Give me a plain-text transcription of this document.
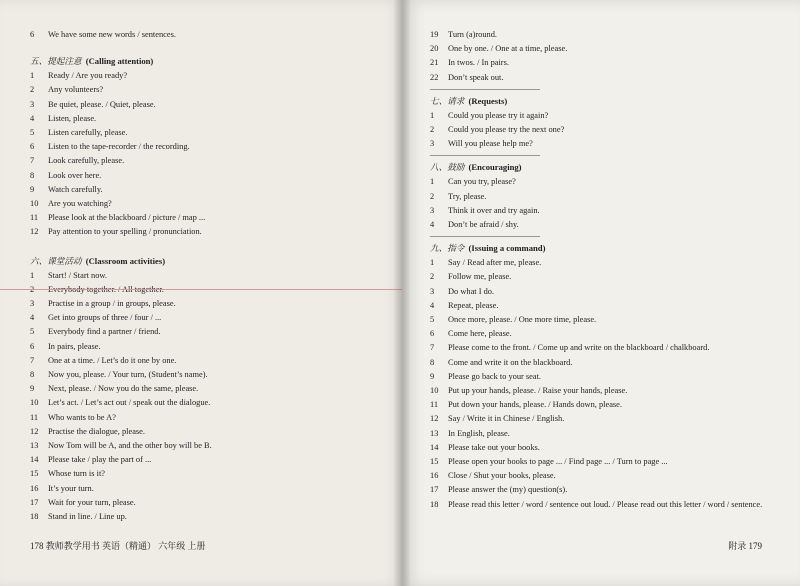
6	We have some new words / sentences.
五、提起注意 (Calling attention)
1	Ready / Are you ready?
2	Any volunteers?
3	Be quiet, please. / Quiet, please.
4	Listen, please.
5	Listen carefully, please.
6	Listen to the tape-recorder / the recording.
7	Look carefully, please.
8	Look over here.
9	Watch carefully.
10	Are you watching?
11	Please look at the blackboard / picture / map ...
12	Pay attention to your spelling / pronunciation.
六、课堂活动 (Classroom activities)
1	Start! / Start now.
2	Everybody together. / All together.
3	Practise in a group / in groups, please.
4	Get into groups of three / four / ...
5	Everybody find a partner / friend.
6	In pairs, please.
7	One at a time. / Let’s do it one by one.
8	Now you, please. / Your turn, (Student’s name).
9	Next, please. / Now you do the same, please.
10	Let’s act. / Let’s act out / speak out the dialogue.
11	Who wants to be A?
12	Practise the dialogue, please.
13	Now Tom will be A, and the other boy will be B.
14	Please take / play the part of ...
15	Whose turn is it?
16	It’s your turn.
17	Wait for your turn, please.
18	Stand in line. / Line up.
178 教师教学用书 英语（精通） 六年级 上册
19	Turn (a)round.
20	One by one. / One at a time, please.
21	In twos. / In pairs.
22	Don’t speak out.
七、请求 (Requests)
1	Could you please try it again?
2	Could you please try the next one?
3	Will you please help me?
八、鼓励 (Encouraging)
1	Can you try, please?
2	Try, please.
3	Think it over and try again.
4	Don’t be afraid / shy.
九、指令 (Issuing a command)
1	Say / Read after me, please.
2	Follow me, please.
3	Do what I do.
4	Repeat, please.
5	Once more, please. / One more time, please.
6	Come here, please.
7	Please come to the front. / Come up and write on the blackboard / chalkboard.
8	Come and write it on the blackboard.
9	Please go back to your seat.
10	Put up your hands, please. / Raise your hands, please.
11	Put down your hands, please. / Hands down, please.
12	Say / Write it in Chinese / English.
13	In English, please.
14	Please take out your books.
15	Please open your books to page ... / Find page ... / Turn to page ...
16	Close / Shut your books, please.
17	Please answer the (my) question(s).
18	Please read this letter / word / sentence out loud. / Please read out this letter / word / sentence.
附录 179
